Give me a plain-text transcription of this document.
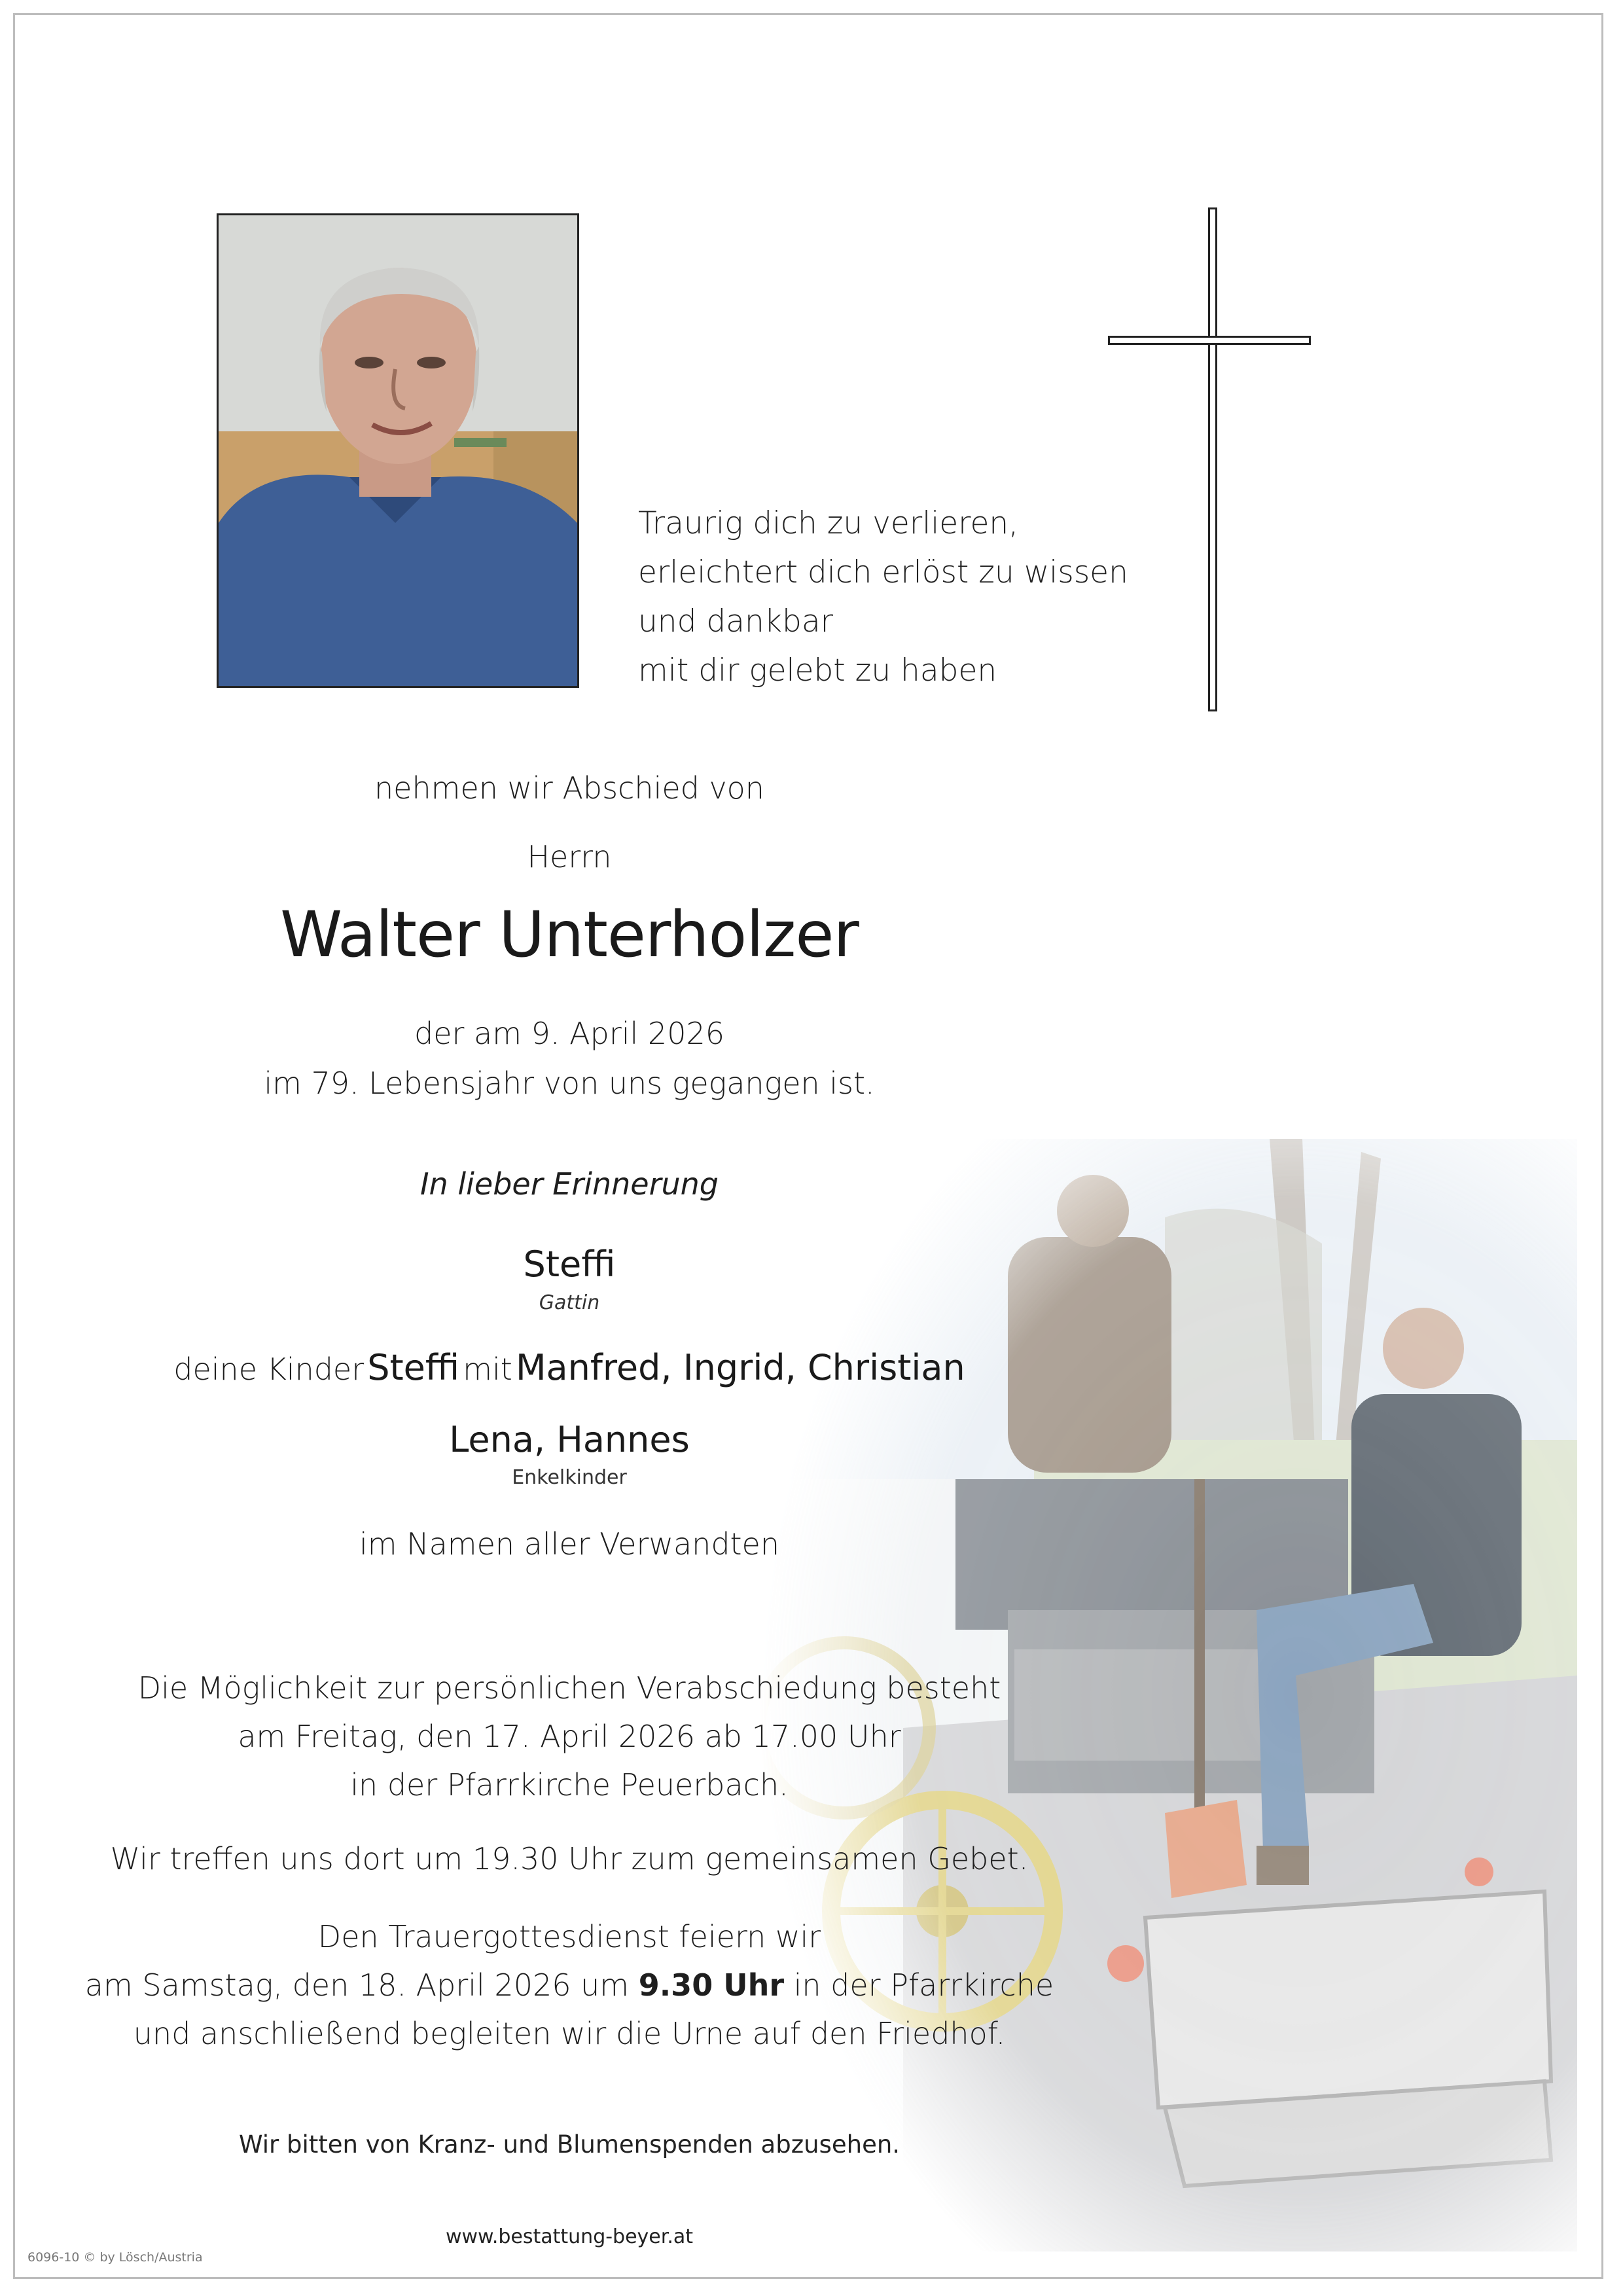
Traurig dich zu verlieren,
erleichtert dich erlöst zu wissen
und dankbar
mit dir gelebt zu haben
nehmen wir Abschied von
Herrn
Walter Unterholzer
der am 9. April 2026
im 79. Lebensjahr von uns gegangen ist.
In lieber Erinnerung
Steffi
Gattin
deine Kinder Steffi mit Manfred, Ingrid, Christian
Lena, Hannes
Enkelkinder
im Namen aller Verwandten
Die Möglichkeit zur persönlichen Verabschiedung besteht
am Freitag, den 17. April 2026 ab 17.00 Uhr
in der Pfarrkirche Peuerbach.
Wir treffen uns dort um 19.30 Uhr zum gemeinsamen Gebet.
Den Trauergottesdienst feiern wir
am Samstag, den 18. April 2026 um 9.30 Uhr in der Pfarrkirche
und anschließend begleiten wir die Urne auf den Friedhof.
Wir bitten von Kranz- und Blumenspenden abzusehen.
www.bestattung-beyer.at
6096-10 © by Lösch/Austria
